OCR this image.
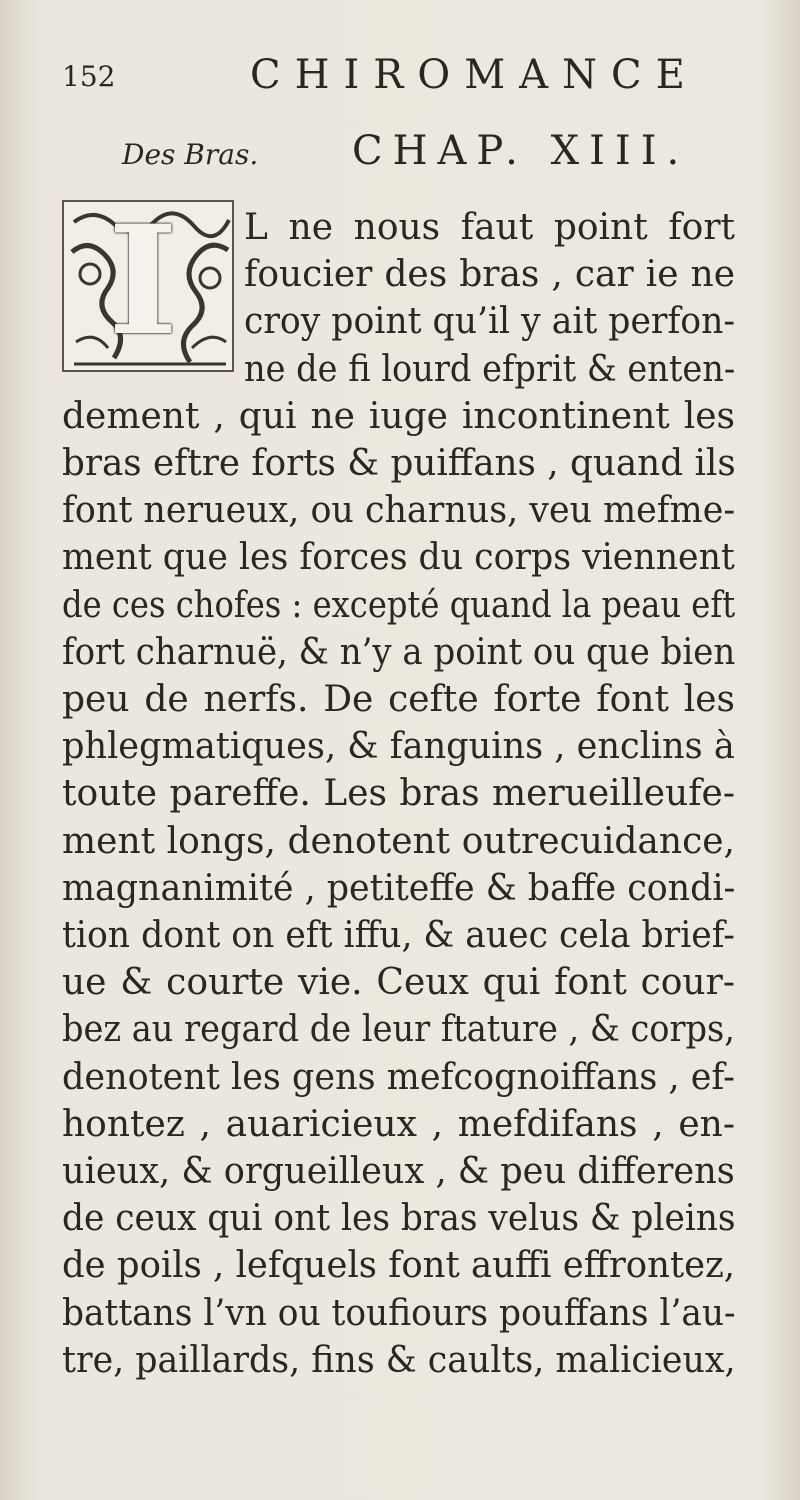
152	CHIROMANCE
Des Bras. CHAP. XIII.
I L ne nous faut point fort
foucier des bras , car ie ne
croy point qu’il y ait perfon-
ne de fi lourd efprit & enten-
dement , qui ne iuge incontinent les
bras eftre forts & puiffans , quand ils
font nerueux, ou charnus, veu mefme-
ment que les forces du corps viennent
de ces chofes : excepté quand la peau eft
fort charnuë, & n’y a point ou que bien
peu de nerfs. De cefte forte font les
phlegmatiques, & fanguins , enclins à
toute pareffe. Les bras merueilleufe-
ment longs, denotent outrecuidance,
magnanimité , petiteffe & baffe condi-
tion dont on eft iffu, & auec cela brief-
ue & courte vie. Ceux qui font cour-
bez au regard de leur ftature , & corps,
denotent les gens mefcognoiffans , ef-
hontez , auaricieux , mefdifans , en-
uieux, & orgueilleux , & peu differens
de ceux qui ont les bras velus & pleins
de poils , lefquels font auffi effrontez,
battans l’vn ou toufiours pouffans l’au-
tre, paillards, fins & caults, malicieux,
